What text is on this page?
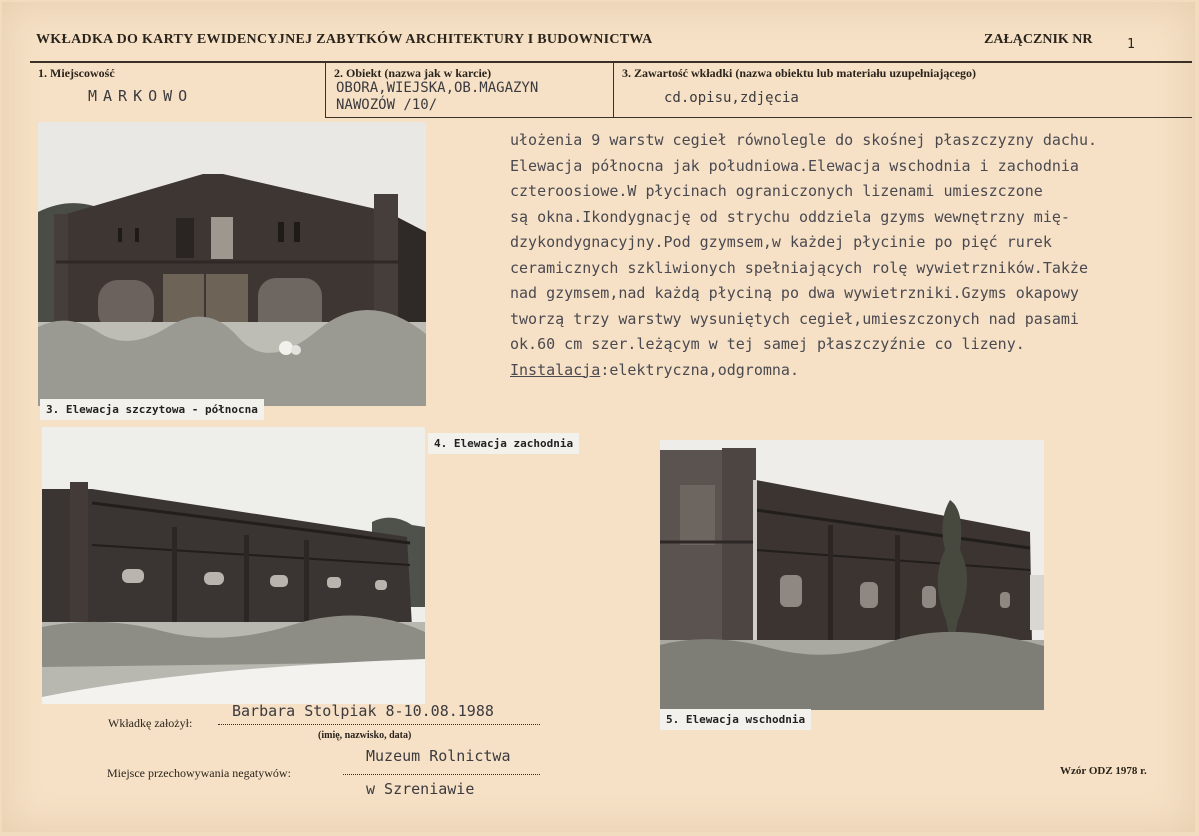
WKŁADKA DO KARTY EWIDENCYJNEJ ZABYTKÓW ARCHITEKTURY I BUDOWNICTWA	ZAŁĄCZNIK NR	1
1. Miejscowość
MARKOWO
2. Obiekt (nazwa jak w karcie)
OBORA,WIEJSKA,OB.MAGAZYN
NAWOZÓW /10/
3. Zawartość wkładki (nazwa obiektu lub materiału uzupełniającego)
cd.opisu,zdjęcia
3. Elewacja szczytowa - północna
4. Elewacja zachodnia
5. Elewacja wschodnia
ułożenia 9 warstw cegieł równolegle do skośnej płaszczyzny dachu.
Elewacja północna jak południowa.Elewacja wschodnia i zachodnia
czteroosiowe.W płycinach ograniczonych lizenami umieszczone
są okna.Ikondygnację od strychu oddziela gzyms wewnętrzny mię-
dzykondygnacyjny.Pod gzymsem,w każdej płycinie po pięć rurek
ceramicznych szkliwionych spełniających rolę wywietrzników.Także
nad gzymsem,nad każdą płyciną po dwa wywietrzniki.Gzyms okapowy
tworzą trzy warstwy wysuniętych cegieł,umieszczonych nad pasami
ok.60 cm szer.leżącym w tej samej płaszczyźnie co lizeny.
Instalacja:elektryczna,odgromna.
Wkładkę założył:
Barbara Stolpiak 8-10.08.1988
(imię, nazwisko, data)
Miejsce przechowywania negatywów:
Muzeum Rolnictwa
w Szreniawie
Wzór ODZ 1978 r.
